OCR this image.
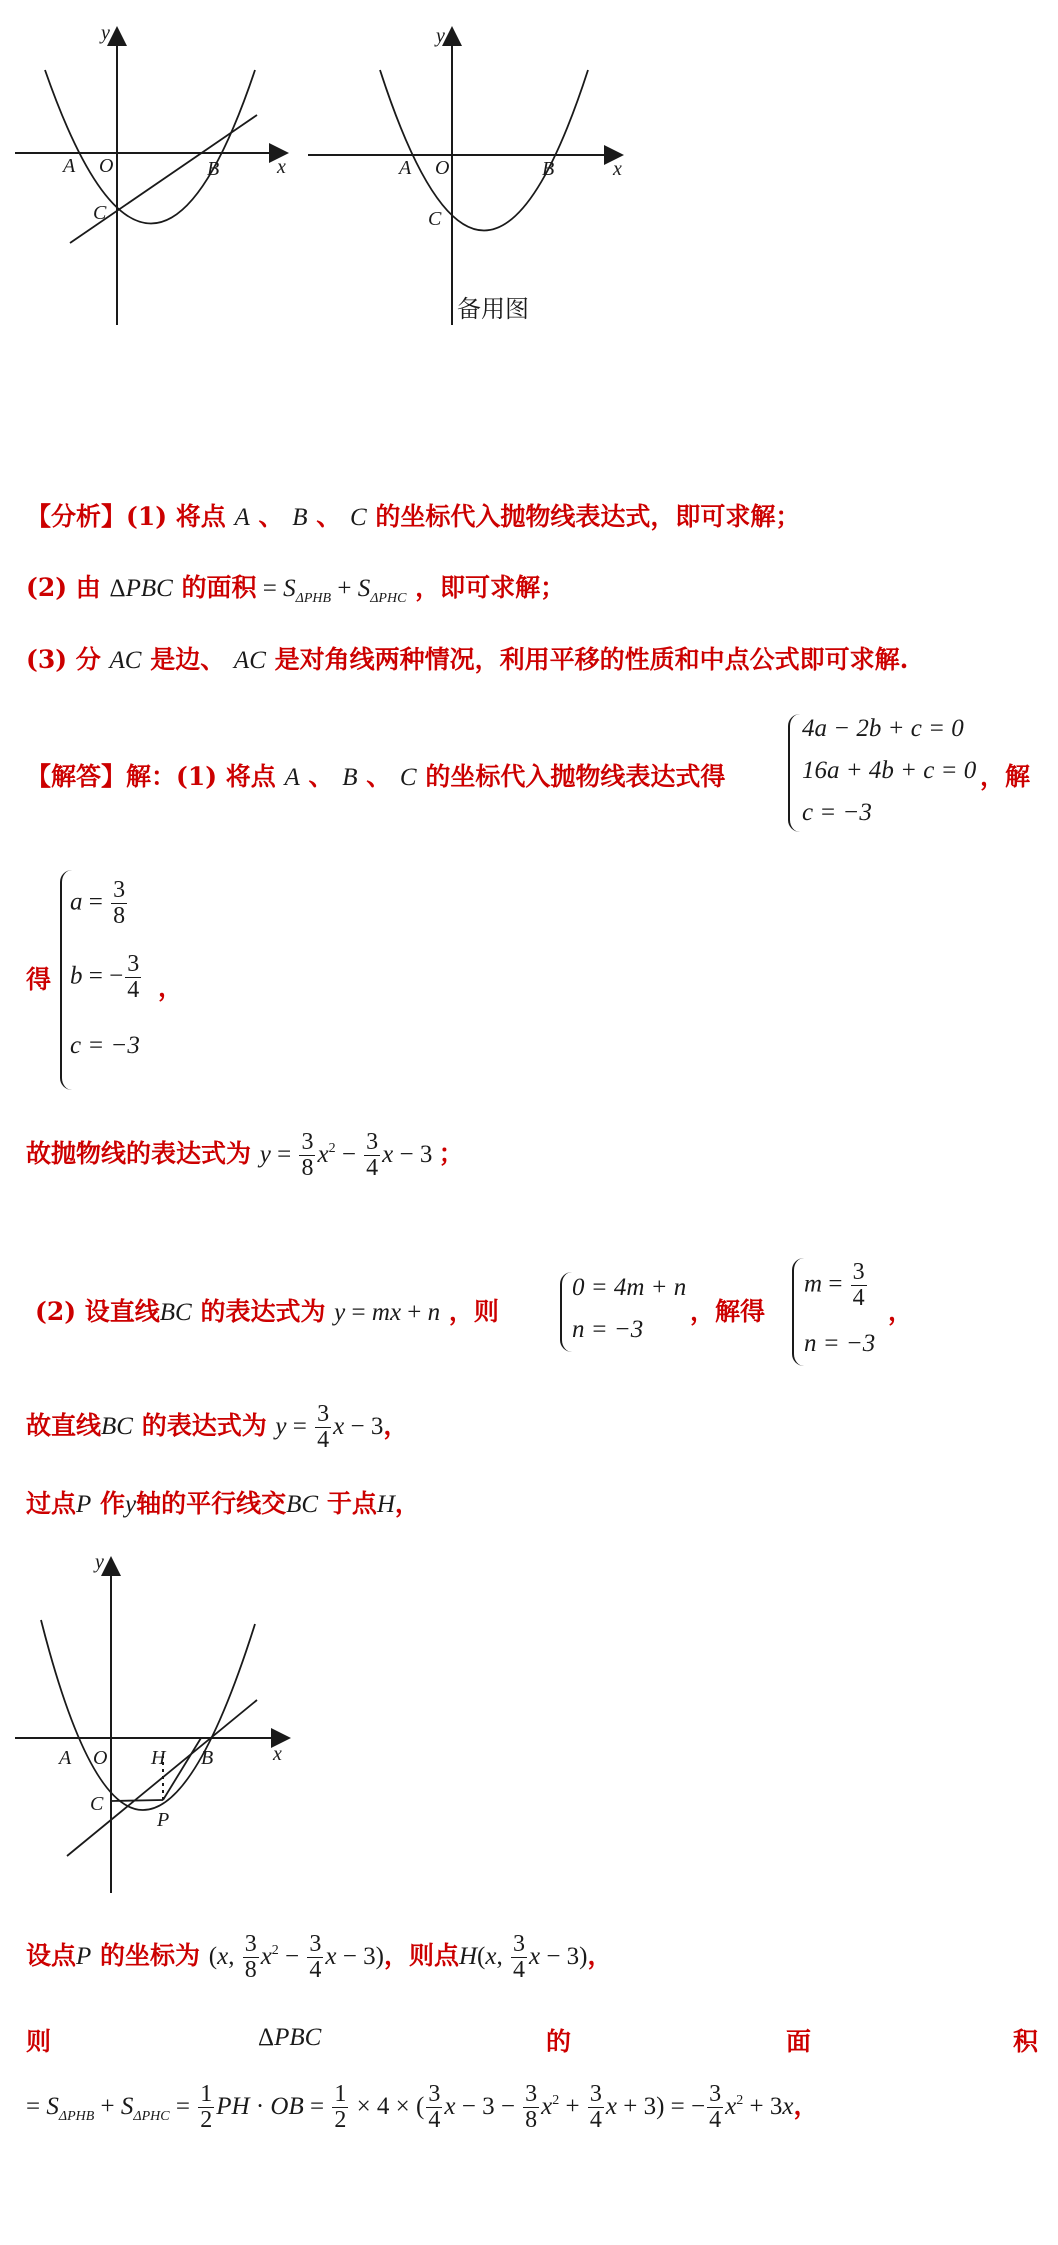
y
x
A O	B
C
y
x
A O	B
C
备用图
【分析】(1) 将点 A 、 B 、 C 的坐标代入抛物线表达式，即可求解；
(2) 由 ΔPBC 的面积 = $S_{\Delta PHB} + S_{\Delta PHC}$ ，即可求解；
(3) 分 AC 是边、 AC 是对角线两种情况，利用平移的性质和中点公式即可求解.
【解答】解：(1) 将点 A 、 B 、 C 的坐标代入抛物线表达式得
4a − 2b + c = 0
16a + 4b + c = 0
c = −3
，解
得
$a = \frac{3}{8}$
b = − $\frac{3}{4}$ ，
c = −3
故抛物线的表达式为 $y = \frac{3}{8} x^2 - \frac{3}{4}$ x − 3 ；
(2) 设直线BC 的表达式为 y = mx + n ，则
0 = 4m + n
n = −3
，解得
$m = \frac{3}{4}$
，
n = −3
故直线BC 的表达式为 $y = \frac{3}{4}$ x − 3，
过点P 作y轴的平行线交BC 于点H，
y
x
A O H B
C
P
设点P 的坐标为 (x, $\frac{3}{8} x^2 - \frac{3}{4}$ x − 3)，则点H(x, $\frac{3}{4}$ x − 3)，
则	ΔPBC	的	面	积
= $S_{\Delta PHB} + S_{\Delta PHC} = \frac{1}{2}$ PH · OB = $\frac{1}{2} \times 4$ × ( $\frac{3}{4}$ $x - 3 - \frac{3}{8} x^2 + \frac{3}{4}$ x + 3) = − $\frac{3}{4} x^2 + 3x$，
